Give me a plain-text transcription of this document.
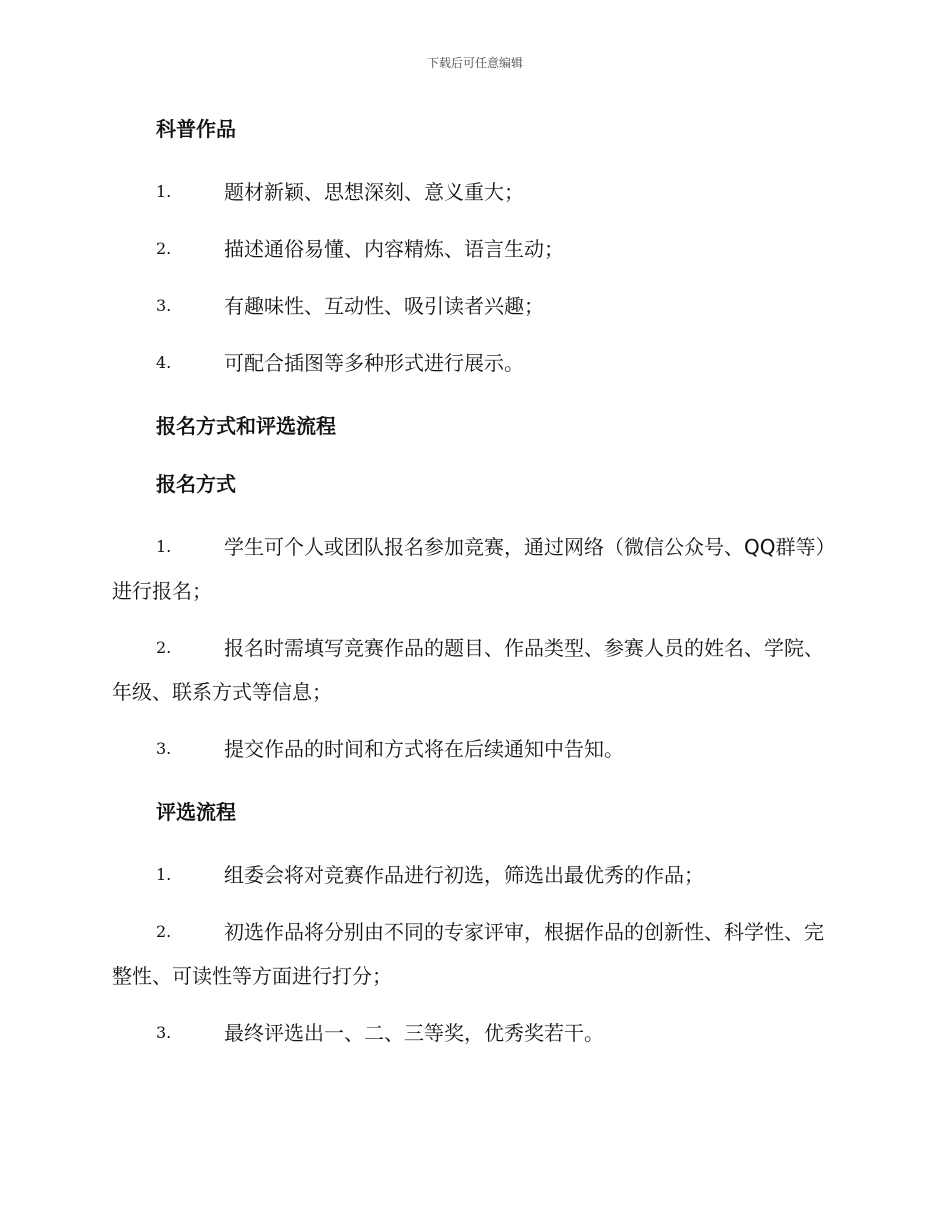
下载后可任意编辑
科普作品
1.	题材新颖、思想深刻、意义重大；
2.	描述通俗易懂、内容精炼、语言生动；
3.	有趣味性、互动性、吸引读者兴趣；
4.	可配合插图等多种形式进行展示。
报名方式和评选流程
报名方式
1.	学生可个人或团队报名参加竞赛，通过网络（微信公众号、QQ群等）进行报名；
2.	报名时需填写竞赛作品的题目、作品类型、参赛人员的姓名、学院、年级、联系方式等信息；
3.	提交作品的时间和方式将在后续通知中告知。
评选流程
1.	组委会将对竞赛作品进行初选，筛选出最优秀的作品；
2.	初选作品将分别由不同的专家评审，根据作品的创新性、科学性、完整性、可读性等方面进行打分；
3.	最终评选出一、二、三等奖，优秀奖若干。
